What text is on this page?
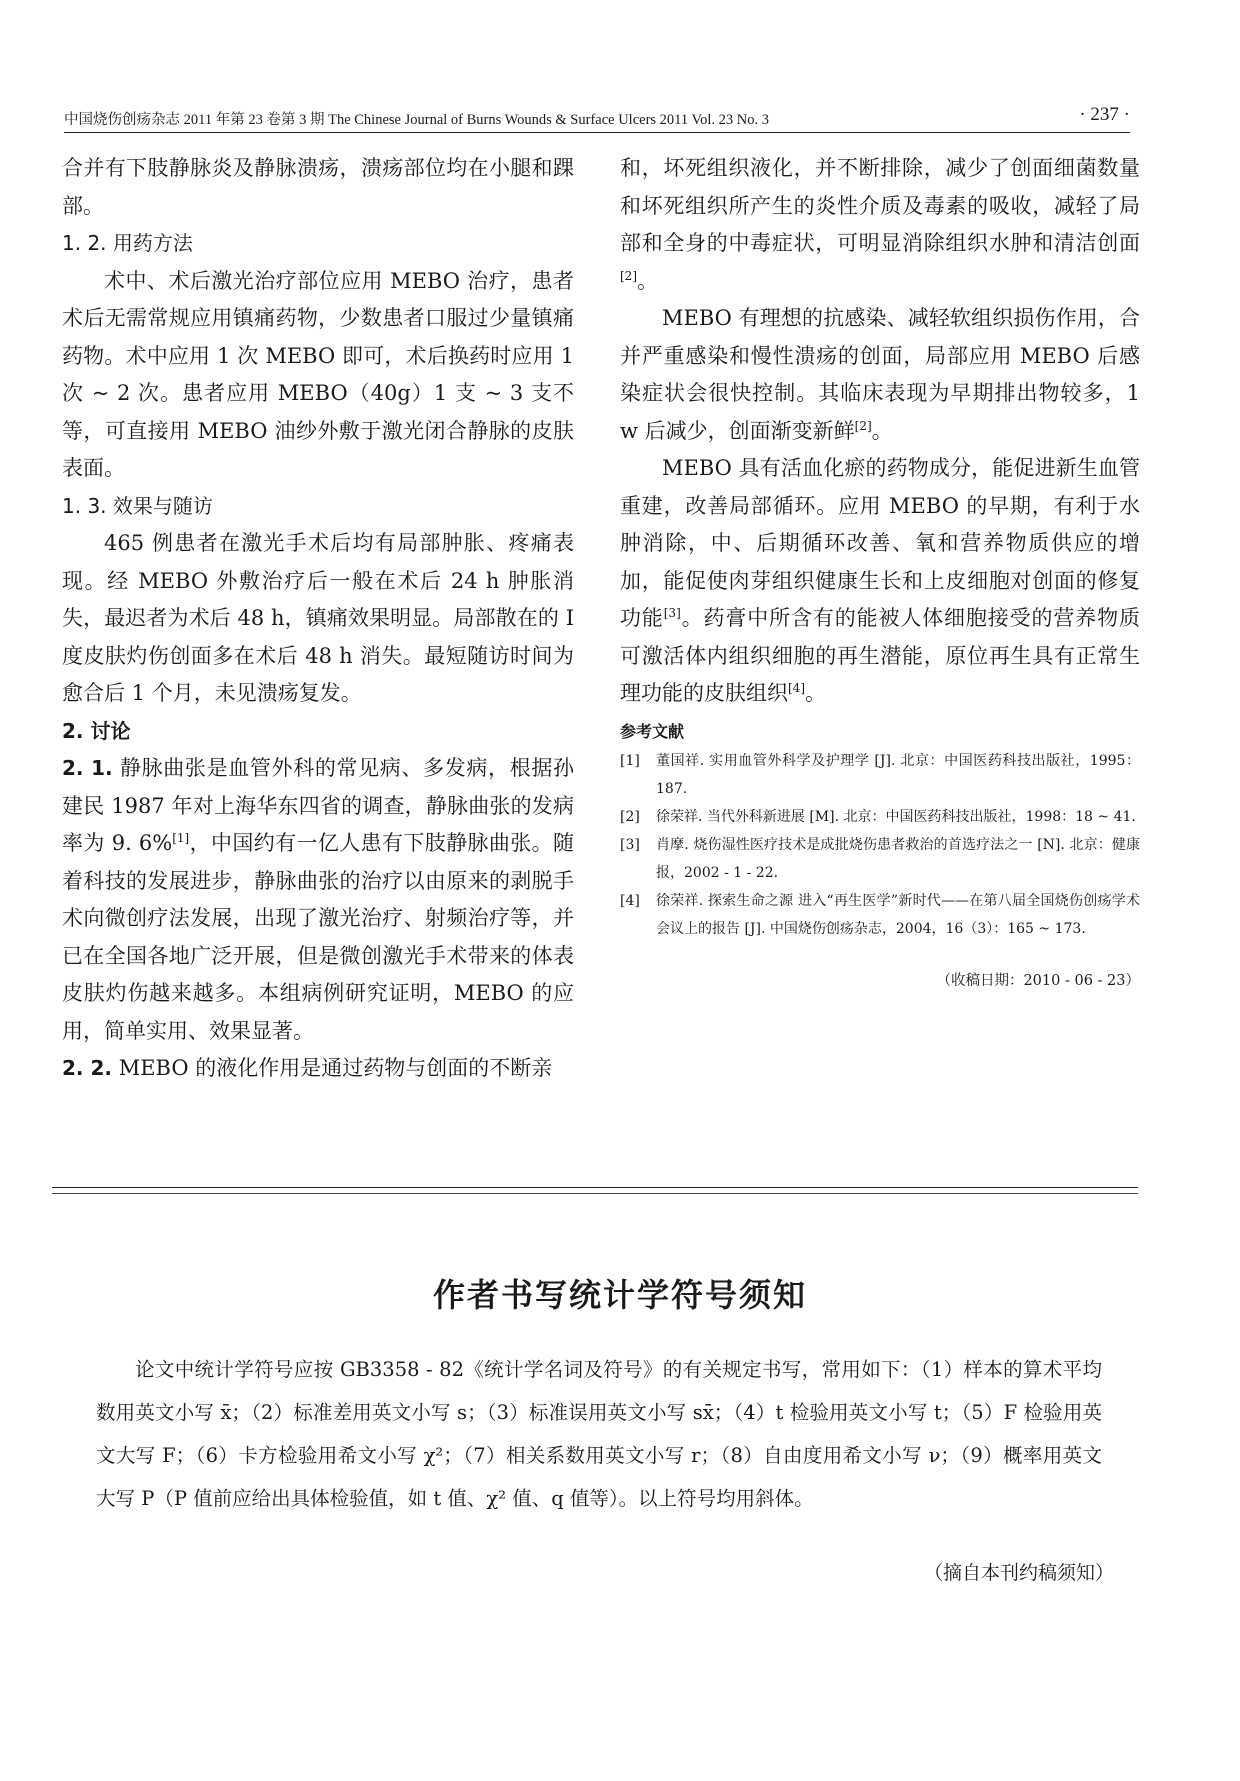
中国烧伤创疡杂志 2011 年第 23 卷第 3 期 The Chinese Journal of Burns Wounds & Surface Ulcers 2011 Vol. 23 No. 3	· 237 ·

合并有下肢静脉炎及静脉溃疡，溃疡部位均在小腿和踝部。

1. 2. 用药方法

术中、术后激光治疗部位应用 MEBO 治疗，患者术后无需常规应用镇痛药物，少数患者口服过少量镇痛药物。术中应用 1 次 MEBO 即可，术后换药时应用 1 次 ~ 2 次。患者应用 MEBO（40g）1 支 ~ 3 支不等，可直接用 MEBO 油纱外敷于激光闭合静脉的皮肤表面。

1. 3. 效果与随访

465 例患者在激光手术后均有局部肿胀、疼痛表现。经 MEBO 外敷治疗后一般在术后 24 h 肿胀消失，最迟者为术后 48 h，镇痛效果明显。局部散在的 I 度皮肤灼伤创面多在术后 48 h 消失。最短随访时间为愈合后 1 个月，未见溃疡复发。

2. 讨论

2. 1. 静脉曲张是血管外科的常见病、多发病，根据孙建民 1987 年对上海华东四省的调查，静脉曲张的发病率为 9. 6%[1]，中国约有一亿人患有下肢静脉曲张。随着科技的发展进步，静脉曲张的治疗以由原来的剥脱手术向微创疗法发展，出现了激光治疗、射频治疗等，并已在全国各地广泛开展，但是微创激光手术带来的体表皮肤灼伤越来越多。本组病例研究证明，MEBO 的应用，简单实用、效果显著。

2. 2. MEBO 的液化作用是通过药物与创面的不断亲

和，坏死组织液化，并不断排除，减少了创面细菌数量和坏死组织所产生的炎性介质及毒素的吸收，减轻了局部和全身的中毒症状，可明显消除组织水肿和清洁创面[2]。

MEBO 有理想的抗感染、减轻软组织损伤作用，合并严重感染和慢性溃疡的创面，局部应用 MEBO 后感染症状会很快控制。其临床表现为早期排出物较多，1 w 后减少，创面渐变新鲜[2]。

MEBO 具有活血化瘀的药物成分，能促进新生血管重建，改善局部循环。应用 MEBO 的早期，有利于水肿消除，中、后期循环改善、氧和营养物质供应的增加，能促使肉芽组织健康生长和上皮细胞对创面的修复功能[3]。药膏中所含有的能被人体细胞接受的营养物质可激活体内组织细胞的再生潜能，原位再生具有正常生理功能的皮肤组织[4]。

参考文献

[1] 董国祥. 实用血管外科学及护理学 [J]. 北京：中国医药科技出版社，1995：187.

[2] 徐荣祥. 当代外科新进展 [M]. 北京：中国医药科技出版社，1998：18 ~ 41.

[3] 肖摩. 烧伤湿性医疗技术是成批烧伤患者救治的首选疗法之一 [N]. 北京：健康报，2002 - 1 - 22.

[4] 徐荣祥. 探索生命之源 进入“再生医学”新时代——在第八届全国烧伤创疡学术会议上的报告 [J]. 中国烧伤创疡杂志，2004，16（3）：165 ~ 173.

（收稿日期：2010 - 06 - 23）
作者书写统计学符号须知

论文中统计学符号应按 GB3358 - 82《统计学名词及符号》的有关规定书写，常用如下：（1）样本的算术平均数用英文小写 x̄；（2）标准差用英文小写 s；（3）标准误用英文小写 sx̄；（4）t 检验用英文小写 t；（5）F 检验用英文大写 F；（6）卡方检验用希文小写 χ²；（7）相关系数用英文小写 r；（8）自由度用希文小写 ν；（9）概率用英文大写 P（P 值前应给出具体检验值，如 t 值、χ² 值、q 值等）。以上符号均用斜体。

（摘自本刊约稿须知）
